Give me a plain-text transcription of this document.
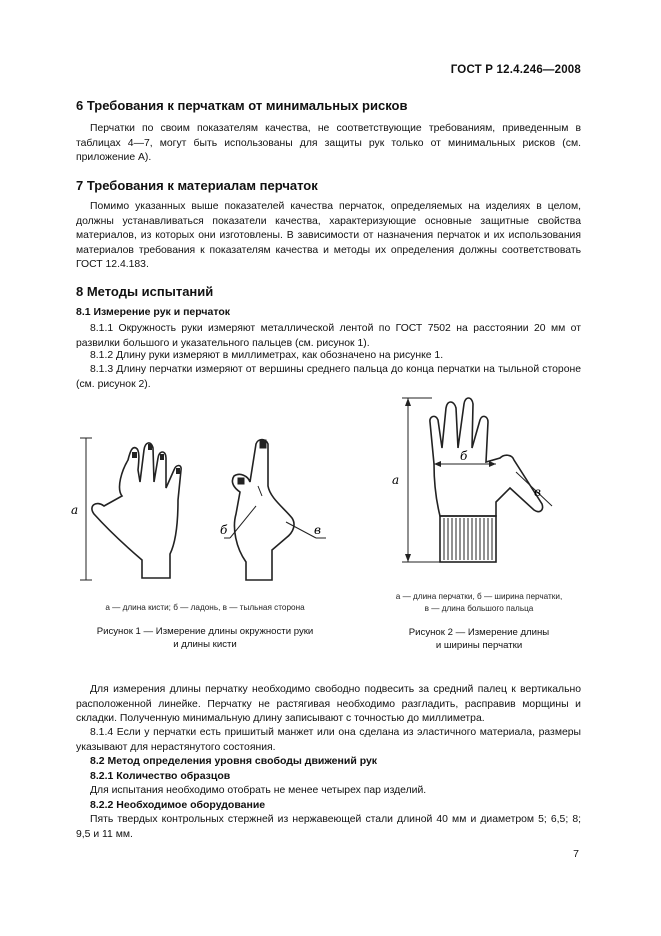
ГОСТ Р 12.4.246—2008
6 Требования к перчаткам от минимальных рисков
Перчатки по своим показателям качества, не соответствующие требованиям, приведенным в таблицах 4—7, могут быть использованы для защиты рук только от минимальных рисков (см. приложение А).
7 Требования к материалам перчаток
Помимо указанных выше показателей качества перчаток, определяемых на изделиях в целом, должны устанавливаться показатели качества, характеризующие основные защитные свойства материалов, из которых они изготовлены. В зависимости от назначения перчаток и их использования материалов требования к показателям качества и методы их определения должны соответствовать ГОСТ 12.4.183.
8 Методы испытаний
8.1 Измерение рук и перчаток
8.1.1 Окружность руки измеряют металлической лентой по ГОСТ 7502 на расстоянии 20 мм от развилки большого и указательного пальцев (см. рисунок 1).
8.1.2 Длину руки измеряют в миллиметрах, как обозначено на рисунке 1.
8.1.3 Длину перчатки измеряют от вершины среднего пальца до конца перчатки на тыльной стороне (см. рисунок 2).
а
б	в
а — длина кисти; б — ладонь, в — тыльная сторона
Рисунок 1 — Измерение длины окружности руки
и длины кисти
а
б
в
а — длина перчатки, б — ширина перчатки, в — длина большого пальца
Рисунок 2 — Измерение длины
и ширины перчатки
Для измерения длины перчатку необходимо свободно подвесить за средний палец к вертикально расположенной линейке. Перчатку не растягивая необходимо разгладить, расправив морщины и складки. Полученную минимальную длину записывают с точностью до миллиметра.
8.1.4 Если у перчатки есть пришитый манжет или она сделана из эластичного материала, размеры указывают для нерастянутого состояния.
8.2 Метод определения уровня свободы движений рук
8.2.1 Количество образцов
Для испытания необходимо отобрать не менее четырех пар изделий.
8.2.2 Необходимое оборудование
Пять твердых контрольных стержней из нержавеющей стали длиной 40 мм и диаметром 5; 6,5; 8; 9,5 и 11 мм.
7
